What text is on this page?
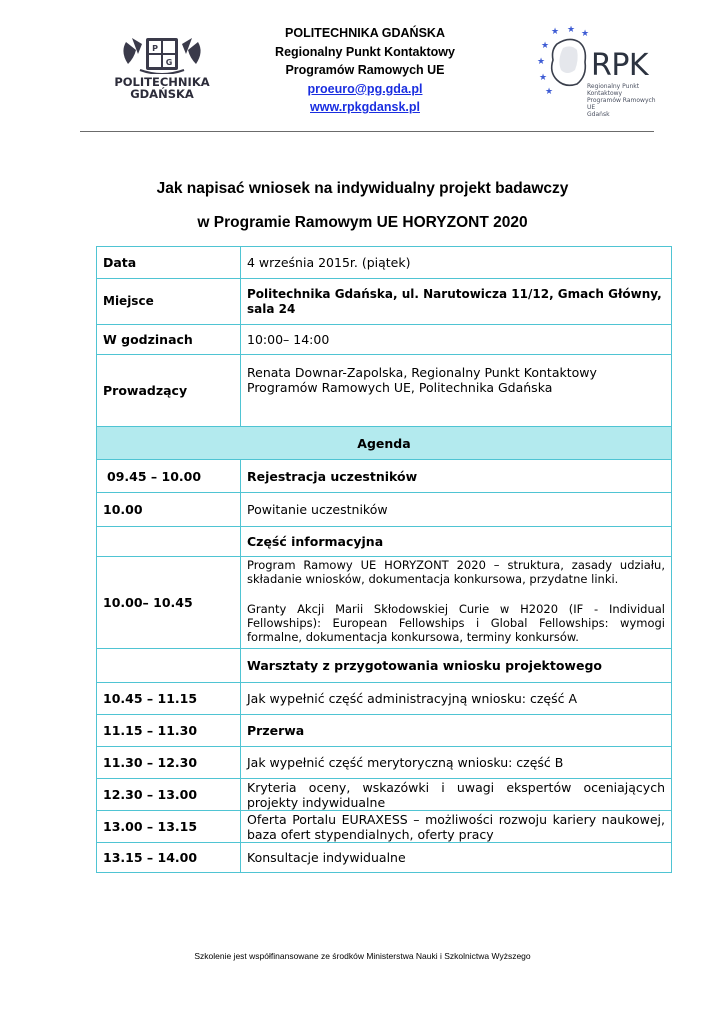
P
G
POLITECHNIKA
GDAŃSKA
POLITECHNIKA GDAŃSKA
Regionalny Punkt Kontaktowy
Programów Ramowych UE
proeuro@pg.gda.pl
www.rpkgdansk.pl
★ ★ ★
★
★
★
★
RPK
Regionalny Punkt Kontaktowy
Programów Ramowych UE
Gdańsk
Jak napisać wniosek na indywidualny projekt badawczy
w Programie Ramowym UE HORYZONT 2020
Data	4 września 2015r. (piątek)
Miejsce	Politechnika Gdańska, ul. Narutowicza 11/12, Gmach Główny, sala 24
W godzinach	10:00– 14:00
Prowadzący	Renata Downar-Zapolska, Regionalny Punkt Kontaktowy Programów Ramowych UE, Politechnika Gdańska
Agenda	
09.45 – 10.00	Rejestracja uczestników
10.00	Powitanie uczestników
	Część informacyjna
10.00– 10.45	Program Ramowy UE HORYZONT 2020 – struktura, zasady udziału, składanie wniosków, dokumentacja konkursowa, przydatne linki.
Granty Akcji Marii Skłodowskiej Curie w H2020 (IF - Individual Fellowships): European Fellowships i Global Fellowships: wymogi formalne, dokumentacja konkursowa, terminy konkursów.

	Warsztaty z przygotowania wniosku projektowego
10.45 – 11.15	Jak wypełnić część administracyjną wniosku: część A
11.15 – 11.30	Przerwa
11.30 – 12.30	Jak wypełnić część merytoryczną wniosku: część B
12.30 – 13.00	Kryteria oceny, wskazówki i uwagi ekspertów oceniających projekty indywidualne
13.00 – 13.15	Oferta Portalu EURAXESS – możliwości rozwoju kariery naukowej, baza ofert stypendialnych, oferty pracy
13.15 – 14.00	Konsultacje indywidualne
Szkolenie jest współfinansowane ze środków Ministerstwa Nauki i Szkolnictwa Wyższego
